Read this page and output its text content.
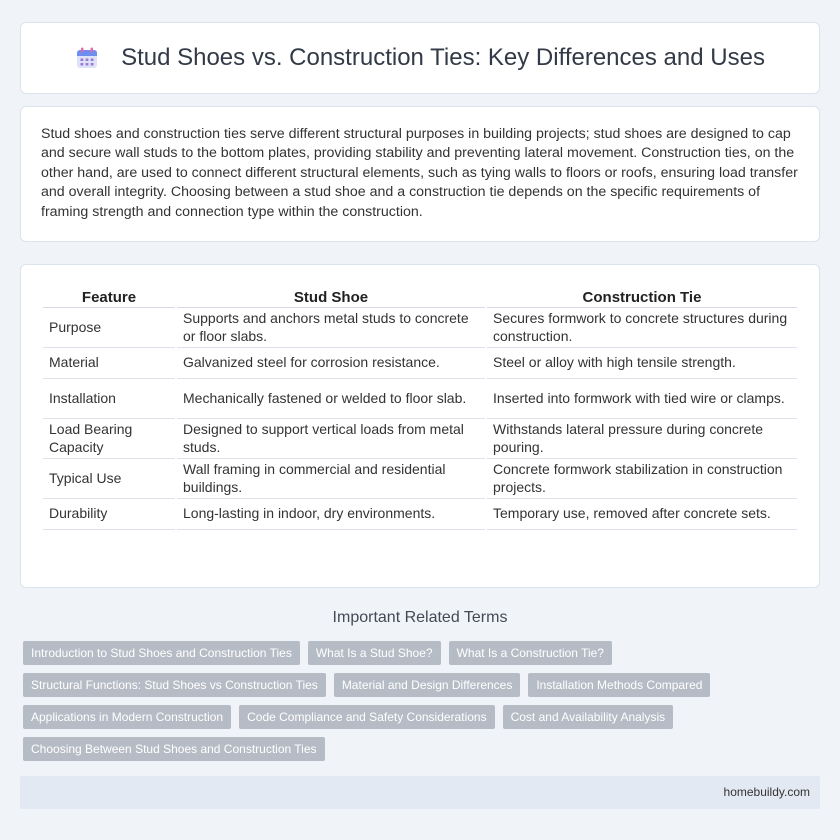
Stud Shoes vs. Construction Ties: Key Differences and Uses

Stud shoes and construction ties serve different structural purposes in building projects; stud shoes are designed to cap and secure wall studs to the bottom plates, providing stability and preventing lateral movement. Construction ties, on the other hand, are used to connect different structural elements, such as tying walls to floors or roofs, ensuring load transfer and overall integrity. Choosing between a stud shoe and a construction tie depends on the specific requirements of framing strength and connection type within the construction.

Feature	Stud Shoe	Construction Tie
Purpose	Supports and anchors metal studs to concrete or floor slabs.	Secures formwork to concrete structures during construction.
Material	Galvanized steel for corrosion resistance.	Steel or alloy with high tensile strength.
Installation	Mechanically fastened or welded to floor slab.	Inserted into formwork with tied wire or clamps.
Load Bearing Capacity	Designed to support vertical loads from metal studs.	Withstands lateral pressure during concrete pouring.
Typical Use	Wall framing in commercial and residential buildings.	Concrete formwork stabilization in construction projects.
Durability	Long-lasting in indoor, dry environments.	Temporary use, removed after concrete sets.
Important Related Terms
Introduction to Stud Shoes and Construction Ties	What Is a Stud Shoe?	What Is a Construction Tie?
Structural Functions: Stud Shoes vs Construction Ties	Material and Design Differences	Installation Methods Compared
Applications in Modern Construction	Code Compliance and Safety Considerations	Cost and Availability Analysis
Choosing Between Stud Shoes and Construction Ties
homebuildy.com
